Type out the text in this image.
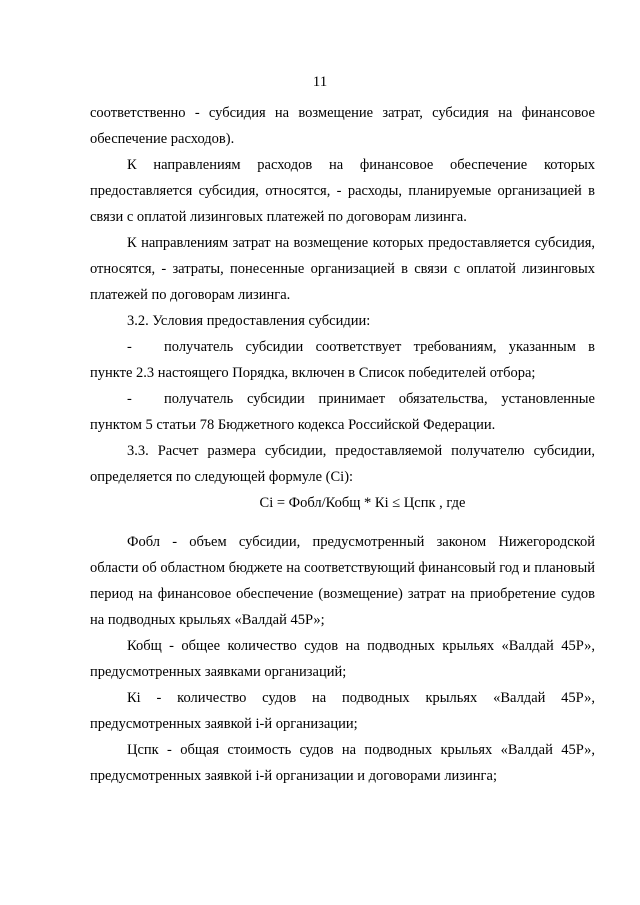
11

соответственно - субсидия на возмещение затрат, субсидия на финансовое обеспечение расходов).

К направлениям расходов на финансовое обеспечение которых предоставляется субсидия, относятся, - расходы, планируемые организацией в связи с оплатой лизинговых платежей по договорам лизинга.

К направлениям затрат на возмещение которых предоставляется субсидия, относятся, - затраты, понесенные организацией в связи с оплатой лизинговых платежей по договорам лизинга.

3.2. Условия предоставления субсидии:

- получатель субсидии соответствует требованиям, указанным в пункте 2.3 настоящего Порядка, включен в Список победителей отбора;

- получатель субсидии принимает обязательства, установленные пунктом 5 статьи 78 Бюджетного кодекса Российской Федерации.

3.3. Расчет размера субсидии, предоставляемой получателю субсидии, определяется по следующей формуле (Сi):

Сi = Фобл/Кобщ * Кi ≤ Цспк , где

Фобл - объем субсидии, предусмотренный законом Нижегородской области об областном бюджете на соответствующий финансовый год и плановый период на финансовое обеспечение (возмещение) затрат на приобретение судов на подводных крыльях «Валдай 45Р»;

Кобщ - общее количество судов на подводных крыльях «Валдай 45Р», предусмотренных заявками организаций;

Кi - количество судов на подводных крыльях «Валдай 45Р», предусмотренных заявкой i-й организации;

Цспк - общая стоимость судов на подводных крыльях «Валдай 45Р», предусмотренных заявкой i-й организации и договорами лизинга;
